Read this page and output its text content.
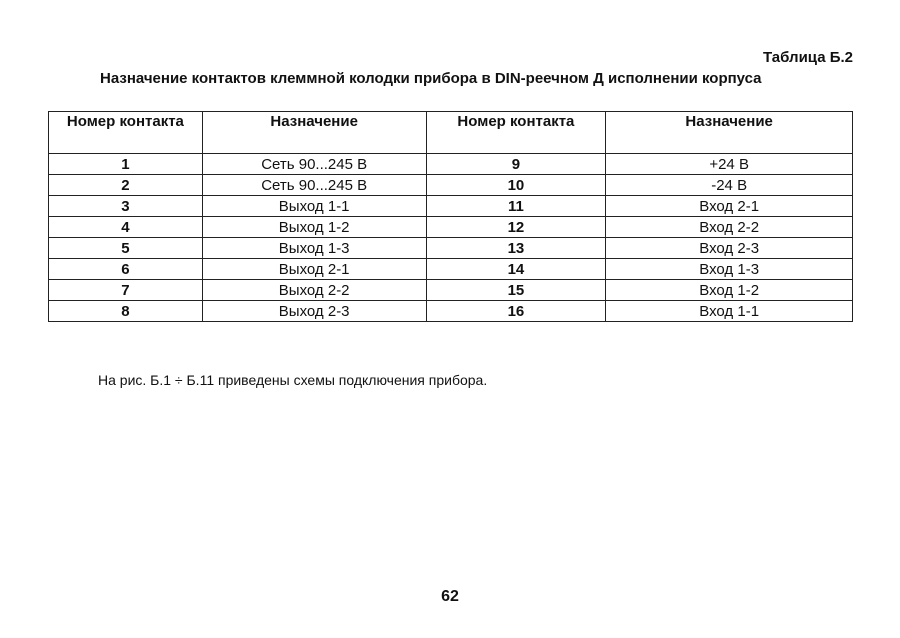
Таблица Б.2
Назначение контактов клеммной колодки прибора в DIN-реечном Д исполнении корпуса
Номер контакта	Назначение	Номер контакта	Назначение
1	Сеть 90...245 В	9	+24 В
2	Сеть 90...245 В	10	-24 В
3	Выход 1-1	11	Вход 2-1
4	Выход 1-2	12	Вход 2-2
5	Выход 1-3	13	Вход 2-3
6	Выход 2-1	14	Вход 1-3
7	Выход 2-2	15	Вход 1-2
8	Выход 2-3	16	Вход 1-1
На рис. Б.1 ÷ Б.11 приведены схемы подключения прибора.
62
